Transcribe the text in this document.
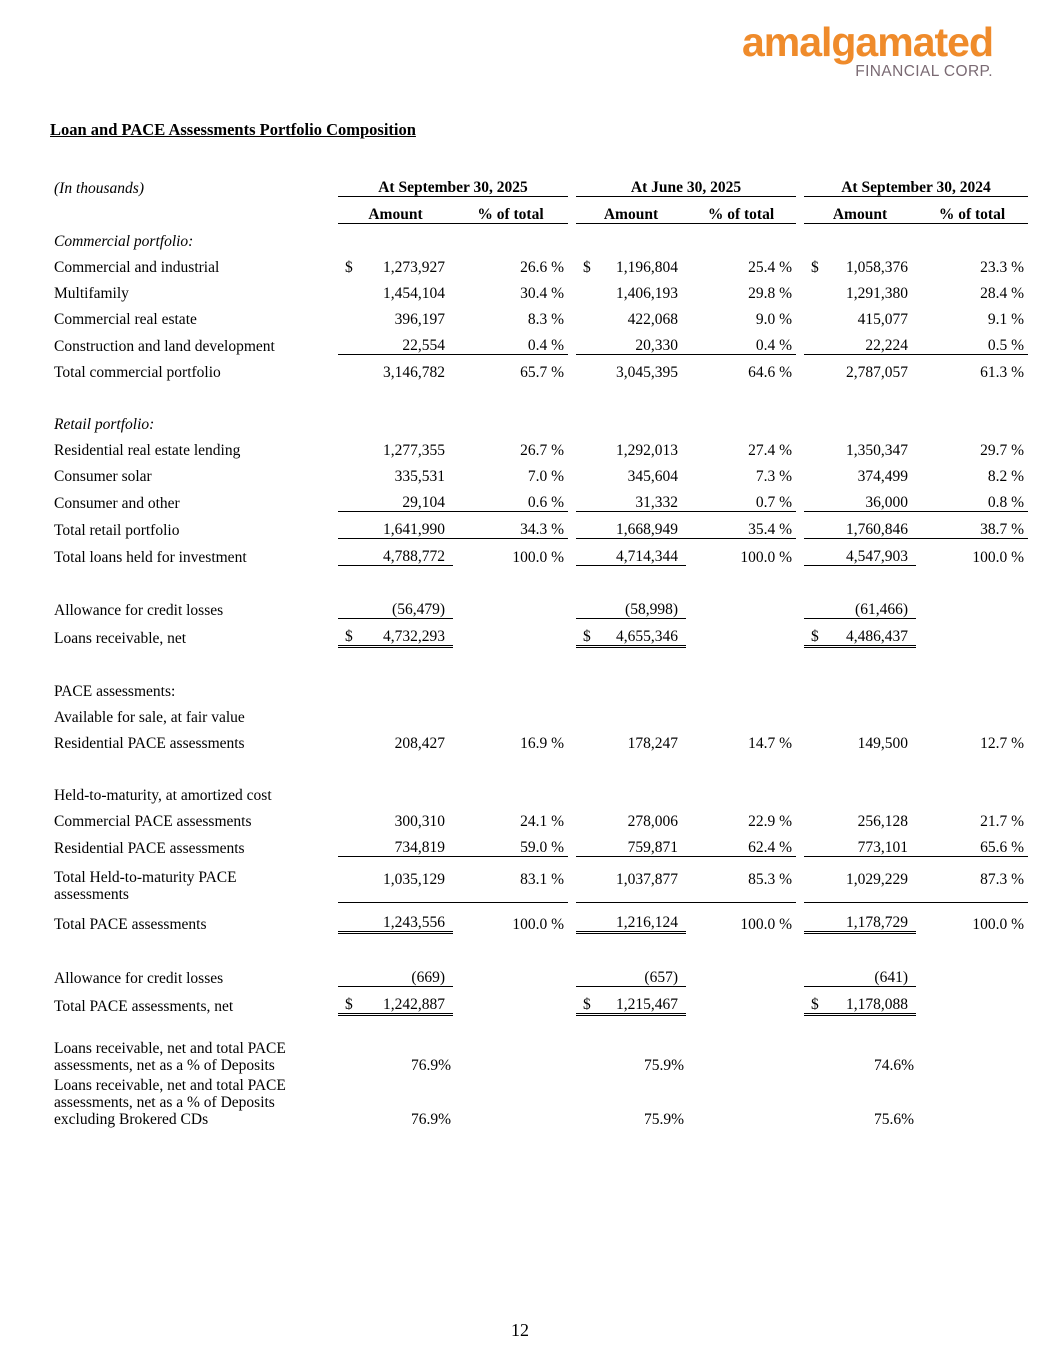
amalgamated
FINANCIAL CORP.
Loan and PACE Assessments Portfolio Composition
(In thousands)	At September 30, 2025			At June 30, 2025			At September 30, 2024	
	Amount	% of total		Amount	% of total		Amount	% of total
Commercial portfolio:								
Commercial and industrial	$ 1,273,927	26.6 %		$ 1,196,804	25.4 %		$ 1,058,376	23.3 %
Multifamily	1,454,104	30.4 %		1,406,193	29.8 %		1,291,380	28.4 %
Commercial real estate	396,197	8.3 %		422,068	9.0 %		415,077	9.1 %
Construction and land development	22,554	0.4 %		20,330	0.4 %		22,224	0.5 %
Total commercial portfolio	3,146,782	65.7 %		3,045,395	64.6 %		2,787,057	61.3 %

Retail portfolio:								
Residential real estate lending	1,277,355	26.7 %		1,292,013	27.4 %		1,350,347	29.7 %
Consumer solar	335,531	7.0 %		345,604	7.3 %		374,499	8.2 %
Consumer and other	29,104	0.6 %		31,332	0.7 %		36,000	0.8 %
Total retail portfolio	1,641,990	34.3 %		1,668,949	35.4 %		1,760,846	38.7 %
Total loans held for investment	4,788,772	100.0 %		4,714,344	100.0 %		4,547,903	100.0 %

Allowance for credit losses	(56,479)			(58,998)			(61,466)	
Loans receivable, net	$ 4,732,293			$ 4,655,346			$ 4,486,437	

PACE assessments:								
Available for sale, at fair value								
Residential PACE assessments	208,427	16.9 %		178,247	14.7 %		149,500	12.7 %

Held-to-maturity, at amortized cost								
Commercial PACE assessments	300,310	24.1 %		278,006	22.9 %		256,128	21.7 %
Residential PACE assessments	734,819	59.0 %		759,871	62.4 %		773,101	65.6 %
Total Held-to-maturity PACE assessments	1,035,129	83.1 %		1,037,877	85.3 %		1,029,229	87.3 %
Total PACE assessments	1,243,556	100.0 %		1,216,124	100.0 %		1,178,729	100.0 %

Allowance for credit losses	(669)			(657)			(641)	
Total PACE assessments, net	$ 1,242,887			$ 1,215,467			$ 1,178,088	

Loans receivable, net and total PACE assessments, net as a % of Deposits	76.9%			75.9%			74.6%	
Loans receivable, net and total PACE assessments, net as a % of Deposits excluding Brokered CDs	76.9%			75.9%			75.6%	
12
